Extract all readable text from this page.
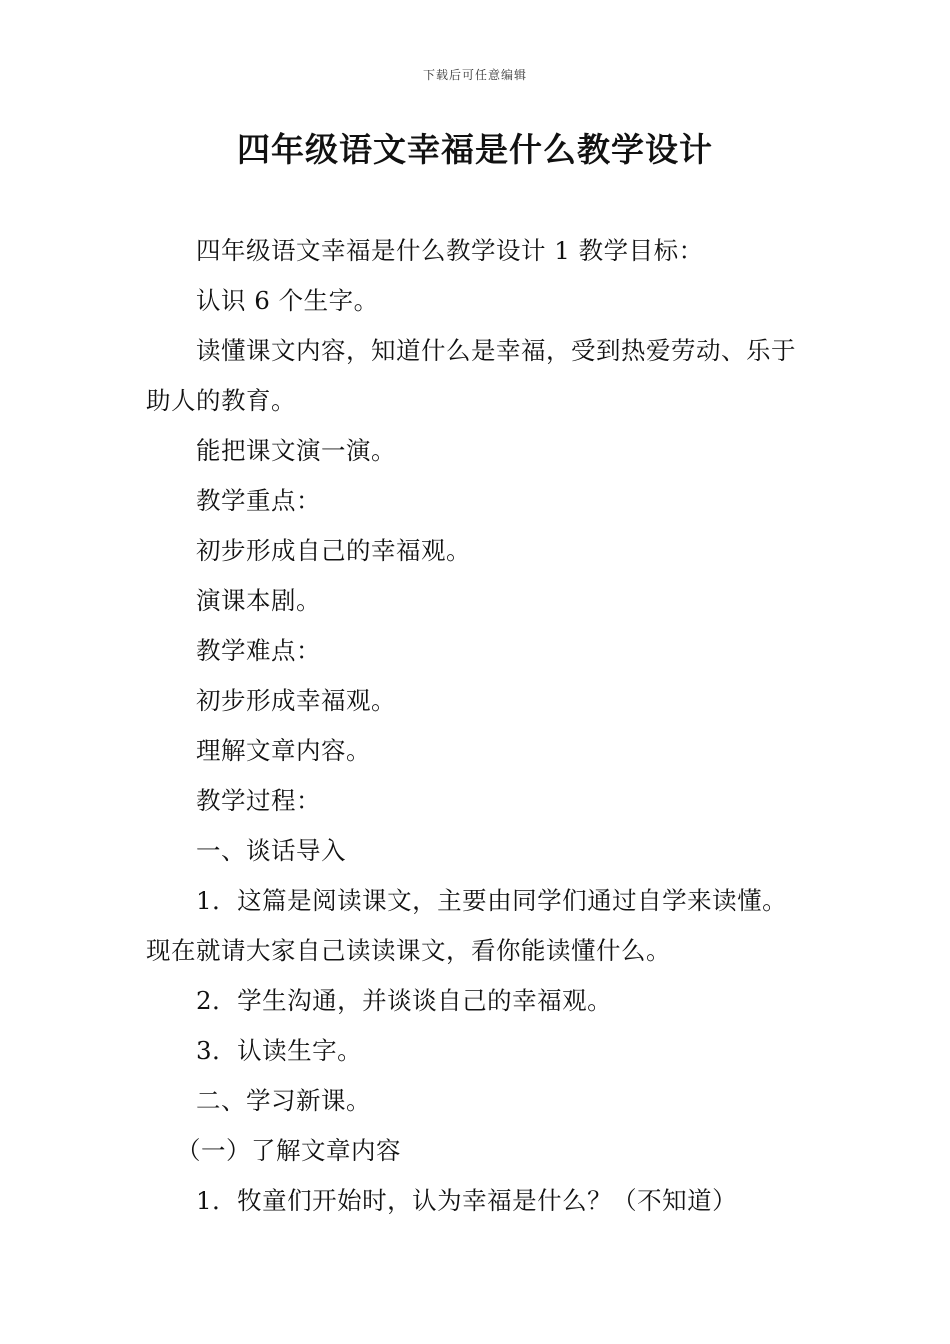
下载后可任意编辑
四年级语文幸福是什么教学设计

四年级语文幸福是什么教学设计 1 教学目标：

认识 6 个生字。

读懂课文内容，知道什么是幸福，受到热爱劳动、乐于助人的教育。

能把课文演一演。

教学重点：

初步形成自己的幸福观。

演课本剧。

教学难点：

初步形成幸福观。

理解文章内容。

教学过程：

一、谈话导入

1．这篇是阅读课文，主要由同学们通过自学来读懂。现在就请大家自己读读课文，看你能读懂什么。

2．学生沟通，并谈谈自己的幸福观。

3．认读生字。

二、学习新课。

（一）了解文章内容

1．牧童们开始时，认为幸福是什么？（不知道）
